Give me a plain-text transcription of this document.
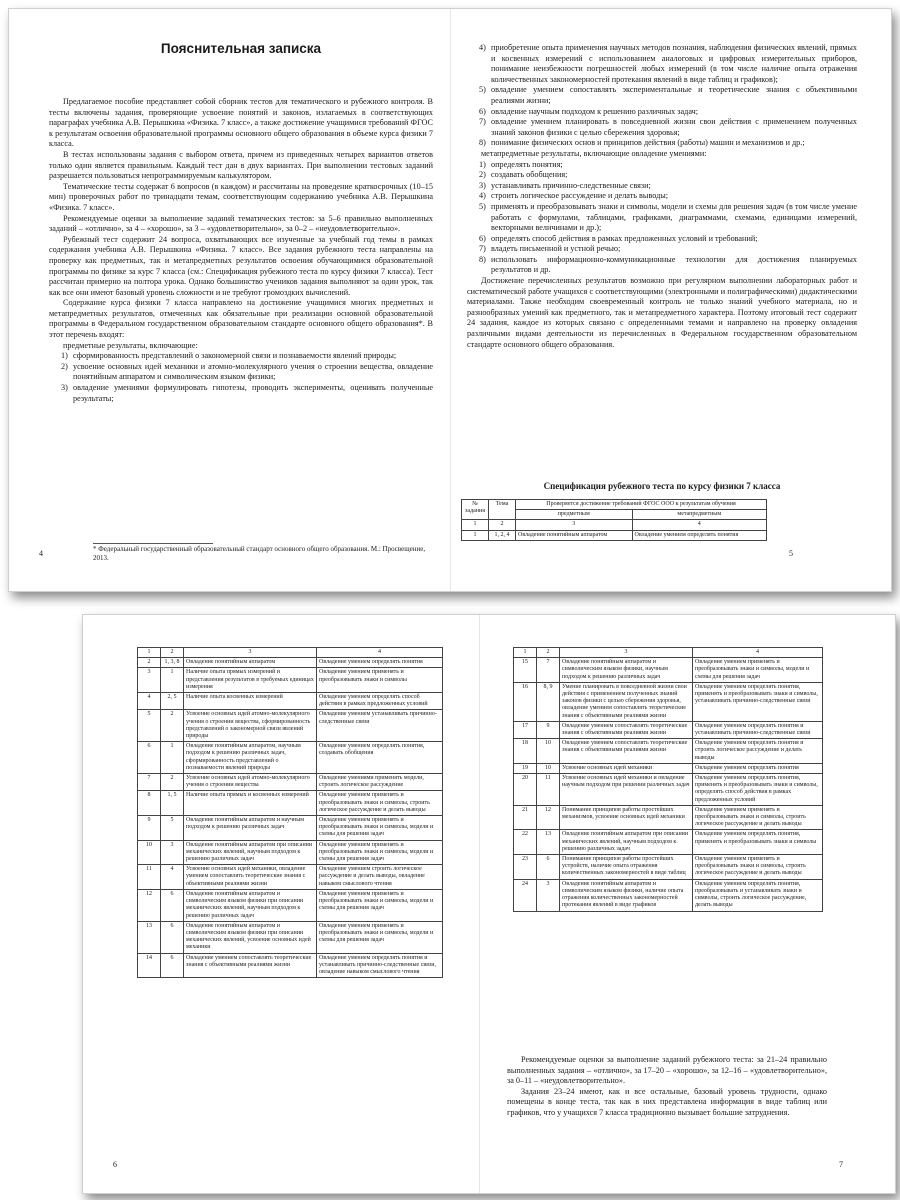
Пояснительная записка

Предлагаемое пособие представляет собой сборник тестов для тематического и рубежного контроля. В тесты включены задания, проверяющие усвоение понятий и законов, излагаемых в соответствующих параграфах учебника А.В. Перышкина «Физика. 7 класс», а также достижение учащимися требований ФГОС к результатам освоения образовательной программы основного общего образования в объеме курса физики 7 класса.

В тестах использованы задания с выбором ответа, причем из приведенных четырех вариантов ответов только один является правильным. Каждый тест дан в двух вариантах. При выполнении тестовых заданий разрешается пользоваться непрограммируемым калькулятором.

Тематические тесты содержат 6 вопросов (в каждом) и рассчитаны на проведение краткосрочных (10–15 мин) проверочных работ по тринадцати темам, соответствующим содержанию учебника А.В. Перышкина «Физика. 7 класс».

Рекомендуемые оценки за выполнение заданий тематических тестов: за 5–6 правильно выполненных заданий – «отлично», за 4 – «хорошо», за 3 – «удовлетворительно», за 0–2 – «неудовлетворительно».

Рубежный тест содержит 24 вопроса, охватывающих все изученные за учебный год темы в рамках содержания учебника А.В. Перышкина «Физика. 7 класс». Все задания рубежного теста направлены на проверку как предметных, так и метапредметных результатов освоения обучающимися образовательной программы по физике за курс 7 класса (см.: Спецификация рубежного теста по курсу физики 7 класса). Тест рассчитан примерно на полтора урока. Однако большинство учеников задания выполняют за один урок, так как все они имеют базовый уровень сложности и не требуют громоздких вычислений.

Содержание курса физики 7 класса направлено на достижение учащимися многих предметных и метапредметных результатов, отмеченных как обязательные при реализации основной образовательной программы в Федеральном государственном образовательном стандарте основного общего образования*. В этот перечень входят:

предметные результаты, включающие:

1) сформированность представлений о закономерной связи и познаваемости явлений природы;

2) усвоение основных идей механики и атомно-молекулярного учения о строении вещества, овладение понятийным аппаратом и символическим языком физики;

3) овладение умениями формулировать гипотезы, проводить эксперименты, оценивать полученные результаты;

* Федеральный государственный образовательный стандарт основного общего образования. М.: Просвещение, 2013.
4

4) приобретение опыта применения научных методов познания, наблюдения физических явлений, прямых и косвенных измерений с использованием аналоговых и цифровых измерительных приборов, понимание неизбежности погрешностей любых измерений (в том числе наличие опыта отражения количественных закономерностей протекания явлений в виде таблиц и графиков);

5) овладение умением сопоставлять экспериментальные и теоретические знания с объективными реалиями жизни;

6) овладение научным подходом к решению различных задач;

7) овладение умением планировать в повседневной жизни свои действия с применением полученных знаний законов физики с целью сбережения здоровья;

8) понимание физических основ и принципов действия (работы) машин и механизмов и др.;

метапредметные результаты, включающие овладение умениями:

1) определять понятия;

2) создавать обобщения;

3) устанавливать причинно-следственные связи;

4) строить логическое рассуждение и делать выводы;

5) применять и преобразовывать знаки и символы, модели и схемы для решения задач (в том числе умение работать с формулами, таблицами, графиками, диаграммами, схемами, единицами измерений, векторными величинами и др.);

6) определять способ действия в рамках предложенных условий и требований;

7) владеть письменной и устной речью;

8) использовать информационно-коммуникационные технологии для достижения планируемых результатов и др.

Достижение перечисленных результатов возможно при регулярном выполнении лабораторных работ и систематической работе учащихся с соответствующими (электронными и полиграфическими) дидактическими материалами. Также необходим своевременный контроль не только знаний учебного материала, но и разнообразных умений как предметного, так и метапредметного характера. Поэтому итоговый тест содержит 24 задания, каждое из которых связано с определенными темами и направлено на проверку овладения различными видами деятельности из перечисленных в Федеральном государственном образовательном стандарте основного общего образования.

Спецификация рубежного теста по курсу физики 7 класса
№ задания	Тема	Проверяется достижение требований ФГОС ООО к результатам обучения	
		предметным	метапредметным
1	2	3	4
1	1, 2, 4	Овладение понятийным аппаратом	Овладение умением определять понятия
5
1	2	3	4
2	1, 3, 8	Овладение понятийным аппаратом	Овладение умением определять понятия
3	1	Наличие опыта прямых измерений и представления результатов в требуемых единицах измерения	Овладение умением применять и преобразовывать знаки и символы
4	2, 5	Наличие опыта косвенных измерений	Овладение умением определять способ действия в рамках предложенных условий
5	2	Усвоение основных идей атомно-молекулярного учения о строении вещества, сформированность представлений о закономерной связи явлений природы	Овладение умением устанавливать причинно-следственные связи
6	1	Овладение понятийным аппаратом, научным подходом к решению различных задач, сформированность представлений о познаваемости явлений природы	Овладение умением определять понятия, создавать обобщения
7	2	Усвоение основных идей атомно-молекулярного учения о строении вещества	Овладение умениями применять модели, строить логическое рассуждение
8	1, 5	Наличие опыта прямых и косвенных измерений	Овладение умением применять и преобразовывать знаки и символы, строить логическое рассуждение и делать выводы
9	5	Овладение понятийным аппаратом и научным подходом к решению различных задач	Овладение умением применять и преобразовывать знаки и символы, модели и схемы для решения задач
10	3	Овладение понятийным аппаратом при описании механических явлений, научным подходом к решению различных задач	Овладение умением применять и преобразовывать знаки и символы, модели и схемы для решения задач
11	4	Усвоение основных идей механики, овладение умением сопоставлять теоретические знания с объективными реалиями жизни	Овладение умением строить логическое рассуждение и делать выводы, овладение навыком смыслового чтения
12	6	Овладение понятийным аппаратом и символическим языком физики при описании механических явлений, научным подходом к решению различных задач	Овладение умением применять и преобразовывать знаки и символы, модели и схемы для решения задач
13	6	Овладение понятийным аппаратом и символическим языком физики при описании механических явлений, усвоение основных идей механики	Овладение умением применять и преобразовывать знаки и символы, модели и схемы для решения задач
14	6	Овладение умением сопоставлять теоретические знания с объективными реалиями жизни	Овладение умением определять понятия и устанавливать причинно-следственные связи, овладение навыком смыслового чтения
6
1	2	3	4
15	7	Овладение понятийным аппаратом и символическим языком физики, научным подходом к решению различных задач	Овладение умением применять и преобразовывать знаки и символы, модели и схемы для решения задач
16	8, 9	Умение планировать в повседневной жизни свои действия с применением полученных знаний законов физики с целью сбережения здоровья, овладение умением сопоставлять теоретические знания с объективными реалиями жизни	Овладение умением определять понятия, применять и преобразовывать знаки и символы, устанавливать причинно-следственные связи
17	9	Овладение умением сопоставлять теоретические знания с объективными реалиями жизни	Овладение умением определять понятия и устанавливать причинно-следственные связи
18	10	Овладение умением сопоставлять теоретические знания с объективными реалиями жизни	Овладение умением определять понятия и строить логическое рассуждение и делать выводы
19	10	Усвоение основных идей механики	Овладение умением определять понятия
20	11	Усвоение основных идей механики и овладение научным подходом при решении различных задач	Овладение умением определять понятия, применять и преобразовывать знаки и символы, определять способ действия в рамках предложенных условий
21	12	Понимание принципов работы простейших механизмов, усвоение основных идей механики	Овладение умением применять и преобразовывать знаки и символы, строить логическое рассуждение и делать выводы
22	13	Овладение понятийным аппаратом при описании механических явлений, научным подходом к решению различных задач	Овладение умением определять понятия, применять и преобразовывать знаки и символы
23	6	Понимание принципов работы простейших устройств, наличие опыта отражения количественных закономерностей в виде таблиц	Овладение умением применять и преобразовывать знаки и символы, строить логическое рассуждение и делать выводы
24	3	Овладение понятийным аппаратом и символическим языком физики, наличие опыта отражения количественных закономерностей протекания явлений в виде графиков	Овладение умением определять понятия, преобразовывать и устанавливать знаки и символы, строить логическое рассуждение, делать выводы

Рекомендуемые оценки за выполнение заданий рубежного теста: за 21–24 правильно выполненных задания – «отлично», за 17–20 – «хорошо», за 12–16 – «удовлетворительно», за 0–11 – «неудовлетворительно».

Задания 23–24 имеют, как и все остальные, базовый уровень трудности, однако помещены в конце теста, так как в них представлена информация в виде таблиц или графиков, что у учащихся 7 класса традиционно вызывает большие затруднения.

7
